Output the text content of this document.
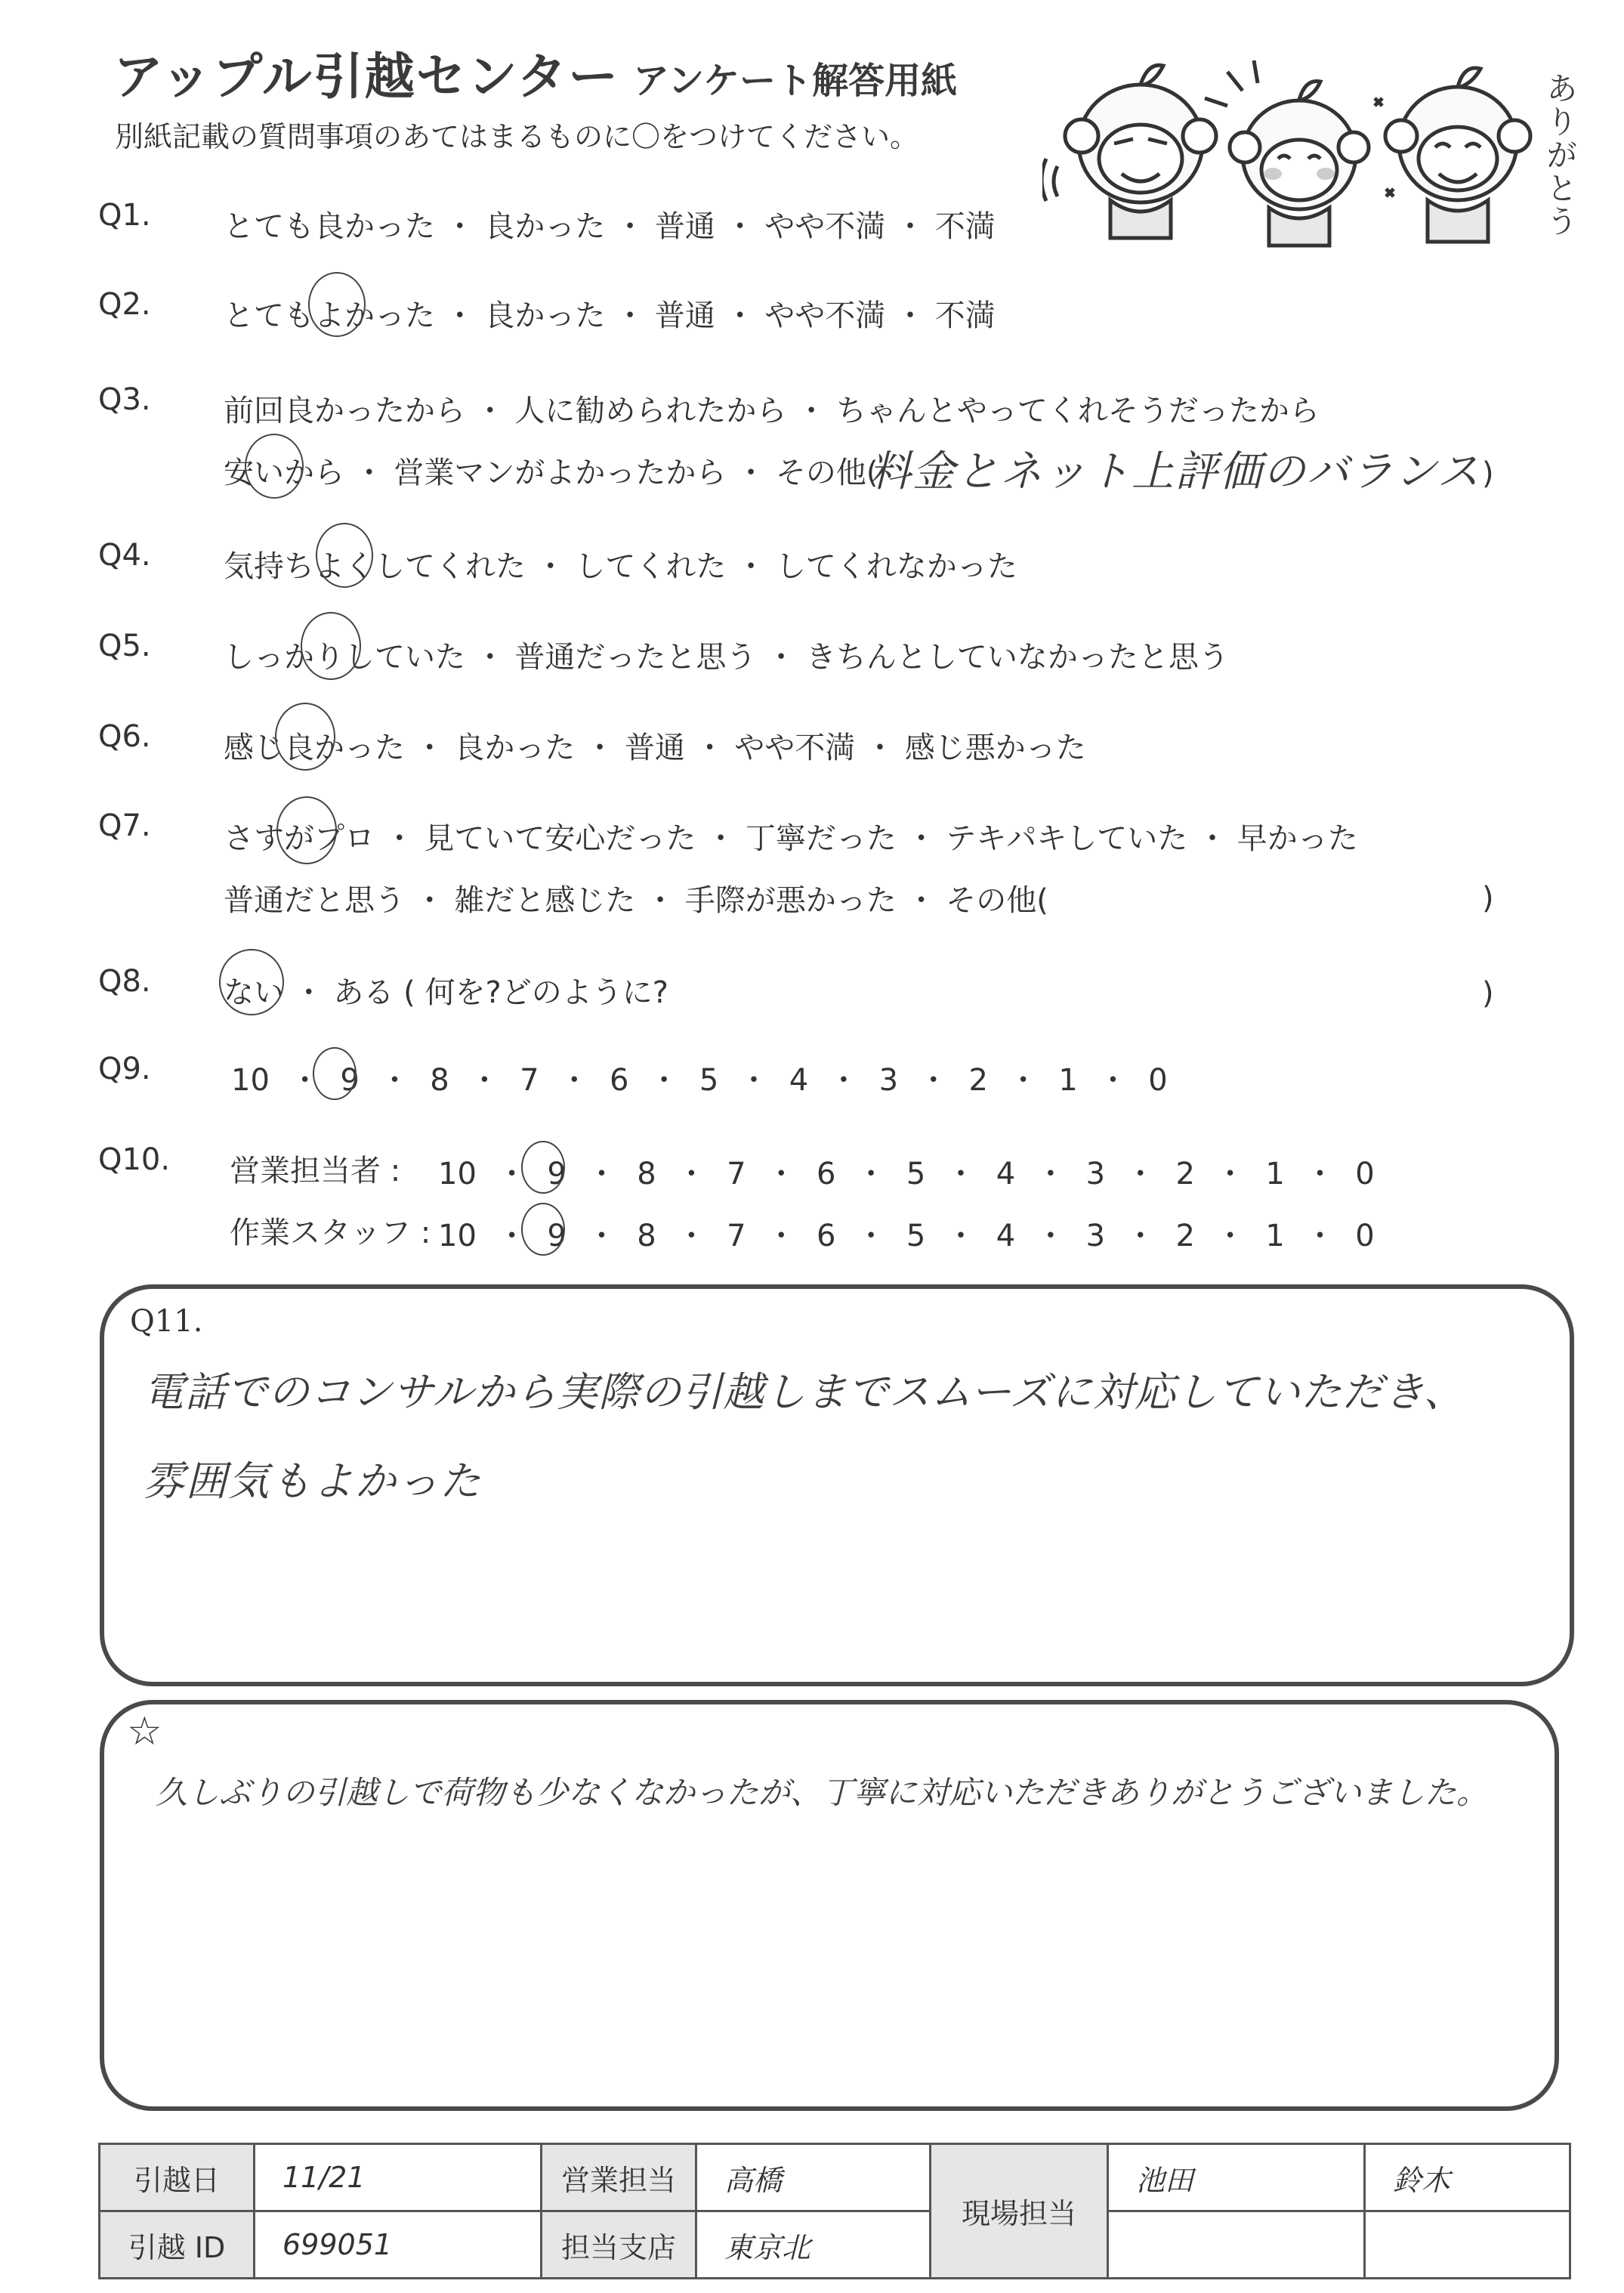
アップル引越センター アンケート解答用紙
別紙記載の質問事項のあてはまるものに〇をつけてください。	ありがとう
Q1. とても良かった ・ 良かった ・ 普通 ・ やや不満 ・ 不満
Q2. とてもよかった ・ 良かった ・ 普通 ・ やや不満 ・ 不満
Q3. 前回良かったから ・ 人に勧められたから ・ ちゃんとやってくれそうだったから
安いから ・ 営業マンがよかったから ・ その他(
料金とネット上評価のバランス )
Q4. 気持ちよくしてくれた ・ してくれた ・ してくれなかった
Q5. しっかりしていた ・ 普通だったと思う ・ きちんとしていなかったと思う
Q6. 感じ良かった ・ 良かった ・ 普通 ・ やや不満 ・ 感じ悪かった
Q7. さすがプロ ・ 見ていて安心だった ・ 丁寧だった ・ テキパキしていた ・ 早かった
普通だと思う ・ 雑だと感じた ・ 手際が悪かった ・ その他(	)
Q8. ない ・ ある ( 何を?どのように?	)
Q9.	10 ・ 9 ・ 8 ・ 7 ・ 6 ・ 5 ・ 4 ・ 3 ・ 2 ・ 1 ・ 0
Q10. 営業担当者 : 10 ・ 9 ・ 8 ・ 7 ・ 6 ・ 5 ・ 4 ・ 3 ・ 2 ・ 1 ・ 0
作業スタッフ : 10 ・ 9 ・ 8 ・ 7 ・ 6 ・ 5 ・ 4 ・ 3 ・ 2 ・ 1 ・ 0
Q11.
電話でのコンサルから実際の引越しまでスムーズに対応していただき、
雰囲気もよかった
☆
久しぶりの引越しで荷物も少なくなかったが、丁寧に対応いただきありがとうございました。
引越日	11/21	営業担当	高橋	現場担当	池田	鈴木
引越 ID	699051	担当支店	東京北			
